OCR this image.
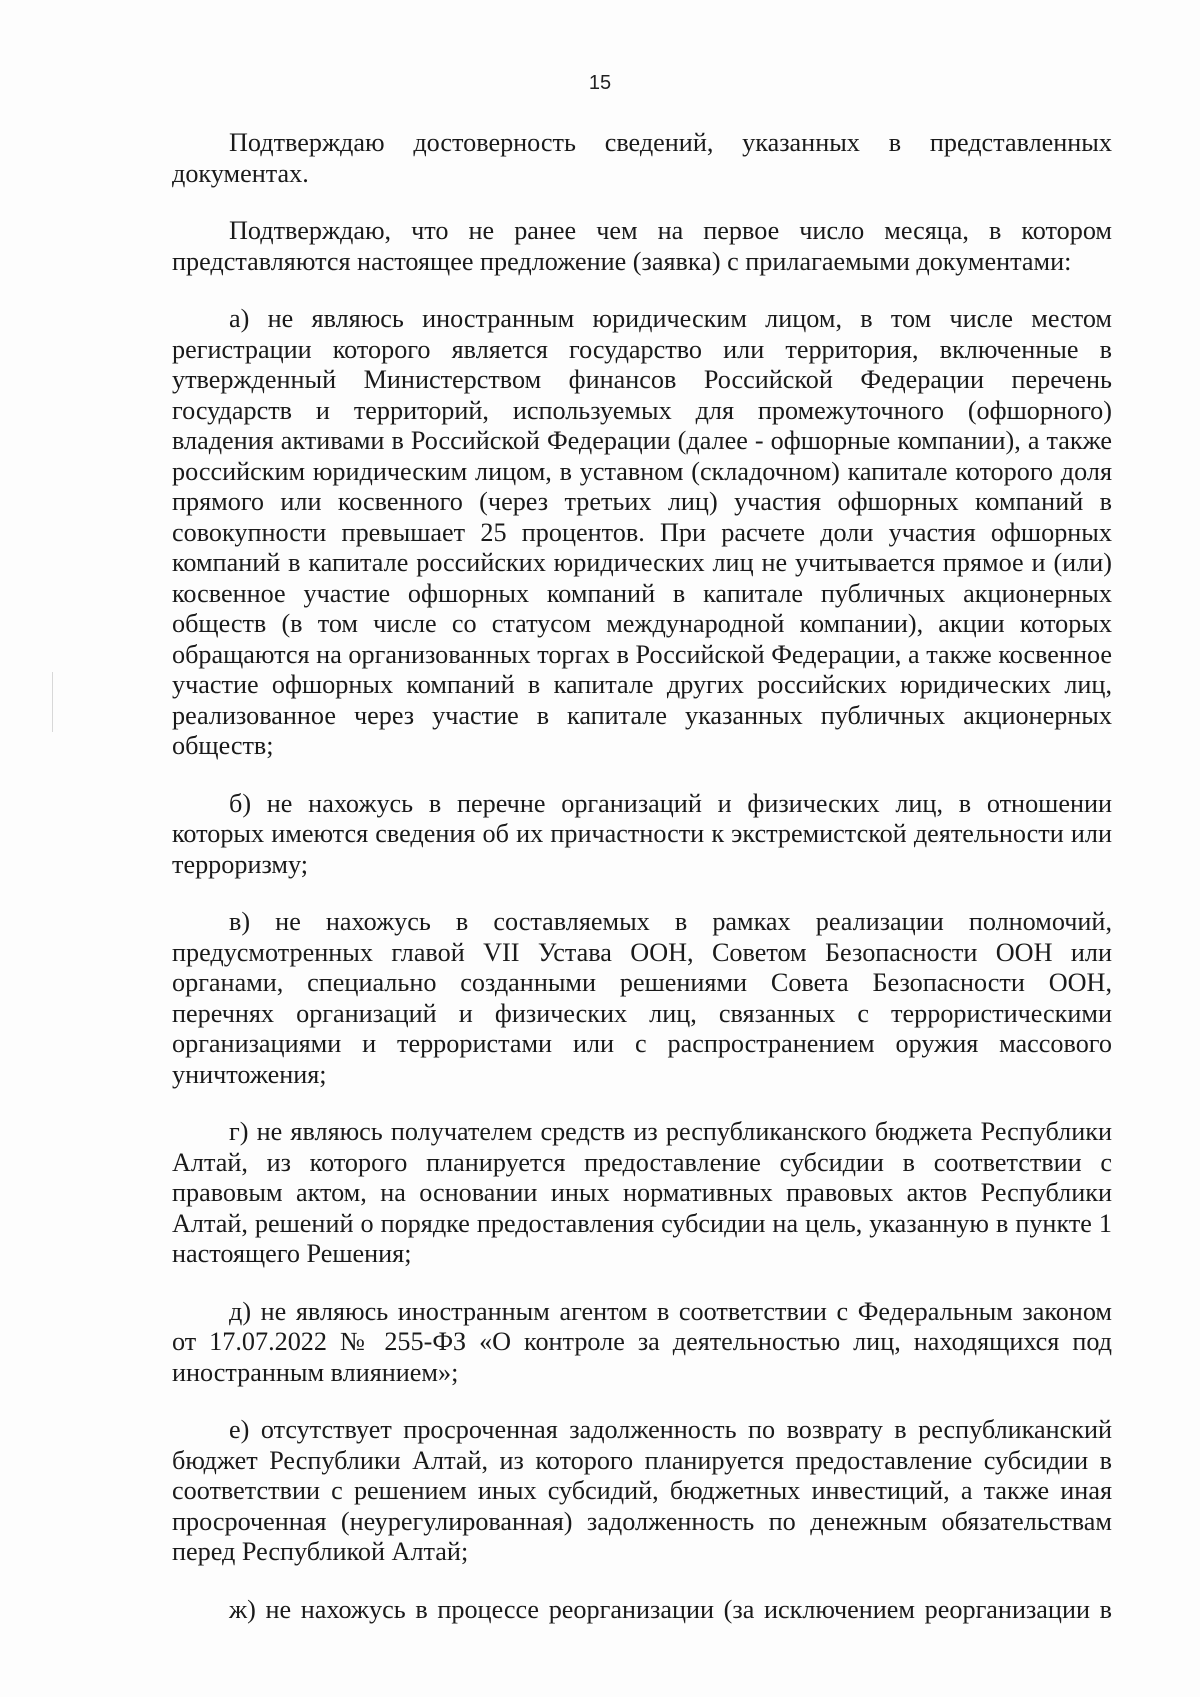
15

Подтверждаю достоверность сведений, указанных в представленных документах.

Подтверждаю, что не ранее чем на первое число месяца, в котором представляются настоящее предложение (заявка) с прилагаемыми документами:

а) не являюсь иностранным юридическим лицом, в том числе местом регистрации которого является государство или территория, включенные в утвержденный Министерством финансов Российской Федерации перечень государств и территорий, используемых для промежуточного (офшорного) владения активами в Российской Федерации (далее - офшорные компании), а также российским юридическим лицом, в уставном (складочном) капитале которого доля прямого или косвенного (через третьих лиц) участия офшорных компаний в совокупности превышает 25 процентов. При расчете доли участия офшорных компаний в капитале российских юридических лиц не учитывается прямое и (или) косвенное участие офшорных компаний в капитале публичных акционерных обществ (в том числе со статусом международной компании), акции которых обращаются на организованных торгах в Российской Федерации, а также косвенное участие офшорных компаний в капитале других российских юридических лиц, реализованное через участие в капитале указанных публичных акционерных обществ;

б) не нахожусь в перечне организаций и физических лиц, в отношении которых имеются сведения об их причастности к экстремистской деятельности или терроризму;

в) не нахожусь в составляемых в рамках реализации полномочий, предусмотренных главой VII Устава ООН, Советом Безопасности ООН или органами, специально созданными решениями Совета Безопасности ООН, перечнях организаций и физических лиц, связанных с террористическими организациями и террористами или с распространением оружия массового уничтожения;

г) не являюсь получателем средств из республиканского бюджета Республики Алтай, из которого планируется предоставление субсидии в соответствии с правовым актом, на основании иных нормативных правовых актов Республики Алтай, решений о порядке предоставления субсидии на цель, указанную в пункте 1 настоящего Решения;

д) не являюсь иностранным агентом в соответствии с Федеральным законом от 17.07.2022 № 255-ФЗ «О контроле за деятельностью лиц, находящихся под иностранным влиянием»;

е) отсутствует просроченная задолженность по возврату в республиканский бюджет Республики Алтай, из которого планируется предоставление субсидии в соответствии с решением иных субсидий, бюджетных инвестиций, а также иная просроченная (неурегулированная) задолженность по денежным обязательствам перед Республикой Алтай;

ж) не нахожусь в процессе реорганизации (за исключением реорганизации в
